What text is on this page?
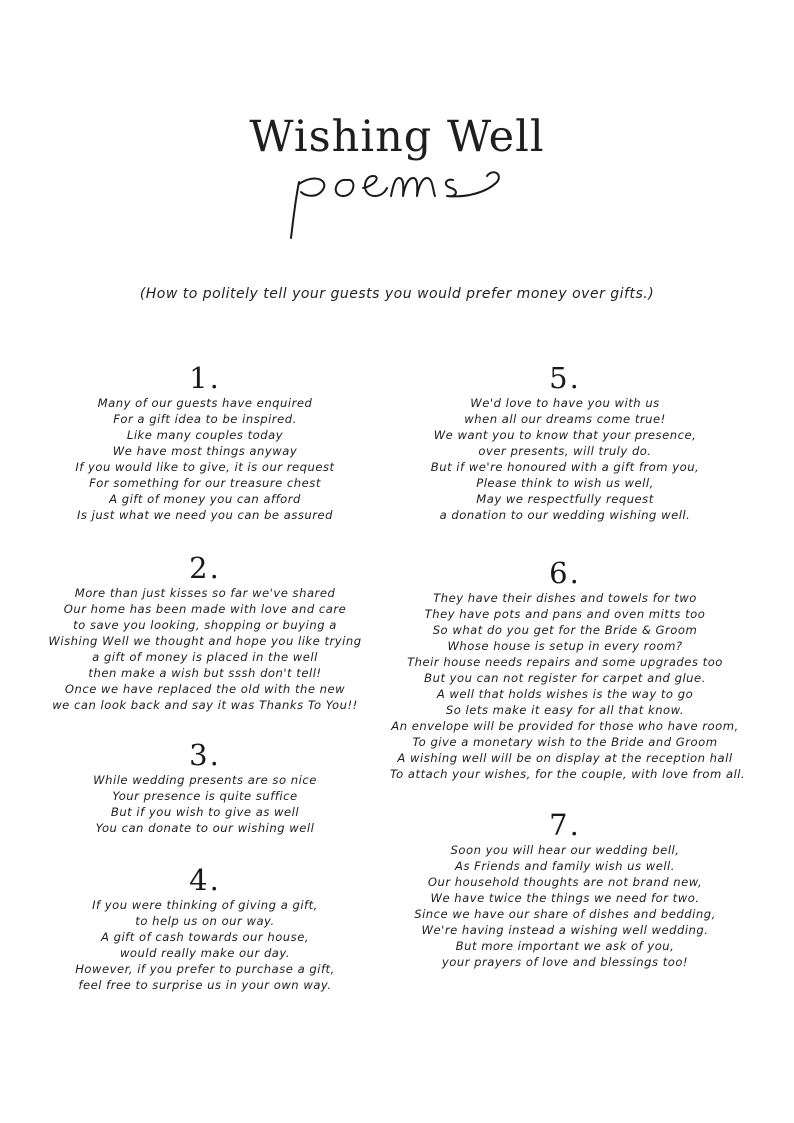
Wishing Well
(How to politely tell your guests you would prefer money over gifts.)
1.
Many of our guests have enquired
For a gift idea to be inspired.
Like many couples today
We have most things anyway
If you would like to give, it is our request
For something for our treasure chest
A gift of money you can afford
Is just what we need you can be assured
2.
More than just kisses so far we've shared
Our home has been made with love and care
to save you looking, shopping or buying a
Wishing Well we thought and hope you like trying
a gift of money is placed in the well
then make a wish but sssh don't tell!
Once we have replaced the old with the new
we can look back and say it was Thanks To You!!
3.
While wedding presents are so nice
Your presence is quite suffice
But if you wish to give as well
You can donate to our wishing well
4.
If you were thinking of giving a gift,
to help us on our way.
A gift of cash towards our house,
would really make our day.
However, if you prefer to purchase a gift,
feel free to surprise us in your own way.
5.
We'd love to have you with us
when all our dreams come true!
We want you to know that your presence,
over presents, will truly do.
But if we're honoured with a gift from you,
Please think to wish us well,
May we respectfully request
a donation to our wedding wishing well.
6.
They have their dishes and towels for two
They have pots and pans and oven mitts too
So what do you get for the Bride & Groom
Whose house is setup in every room?
Their house needs repairs and some upgrades too
But you can not register for carpet and glue.
A well that holds wishes is the way to go
So lets make it easy for all that know.
An envelope will be provided for those who have room,
To give a monetary wish to the Bride and Groom
A wishing well will be on display at the reception hall
To attach your wishes, for the couple, with love from all.
7.
Soon you will hear our wedding bell,
As Friends and family wish us well.
Our household thoughts are not brand new,
We have twice the things we need for two.
Since we have our share of dishes and bedding,
We're having instead a wishing well wedding.
But more important we ask of you,
your prayers of love and blessings too!
